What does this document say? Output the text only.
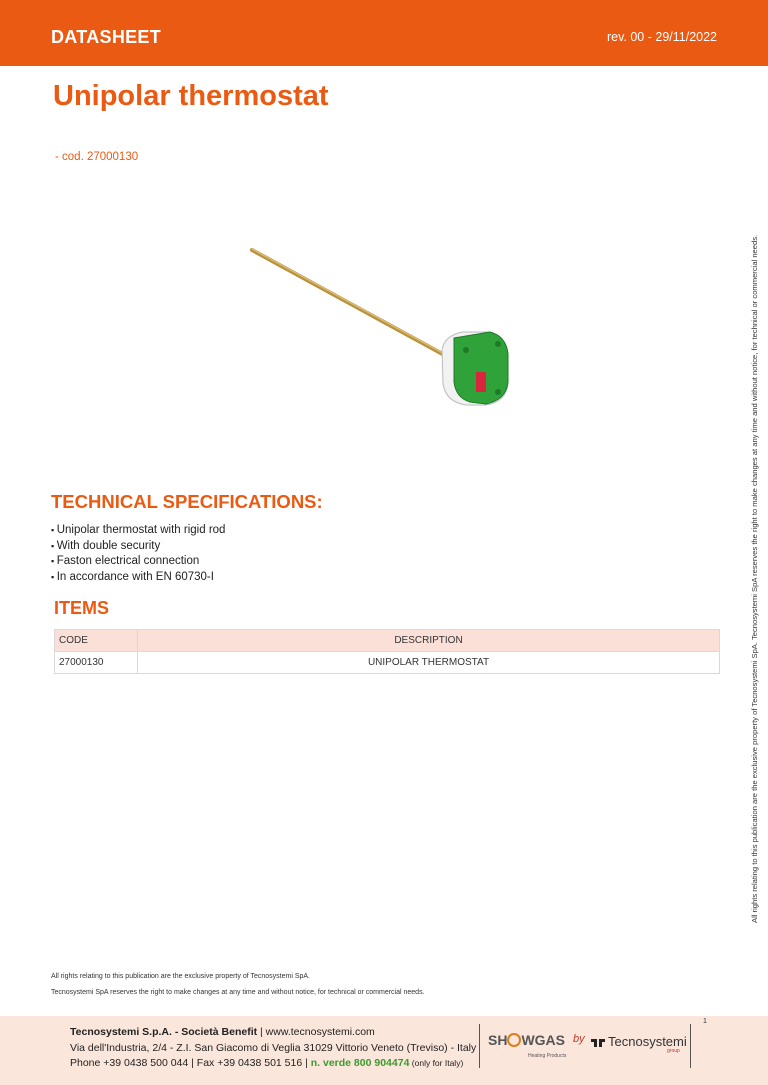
DATASHEET	rev. 00 - 29/11/2022
Unipolar thermostat
- cod. 27000130
TECHNICAL SPECIFICATIONS:
▪ Unipolar thermostat with rigid rod
▪ With double security
▪ Faston electrical connection
▪ In accordance with EN 60730-I
ITEMS
CODE	DESCRIPTION
27000130	UNIPOLAR THERMOSTAT	All rights relating to this publication are the exclusive property of Tecnosystemi SpA. Tecnosystemi SpA reserves the right to make changes at any time and without notice, for technical or commercial needs.
All rights relating to this publication are the exclusive property of Tecnosystemi SpA.
Tecnosystemi SpA reserves the right to make changes at any time and without notice, for technical or commercial needs.
Tecnosystemi S.p.A. - Società Benefit | www.tecnosystemi.com
Via dell'Industria, 2/4 - Z.I. San Giacomo di Veglia 31029 Vittorio Veneto (Treviso) - Italy
Phone +39 0438 500 044 | Fax +39 0438 501 516 | n. verde 800 904474 (only for Italy)
SH WGAS
Heating Products
by Tecnosystemi
group
1
